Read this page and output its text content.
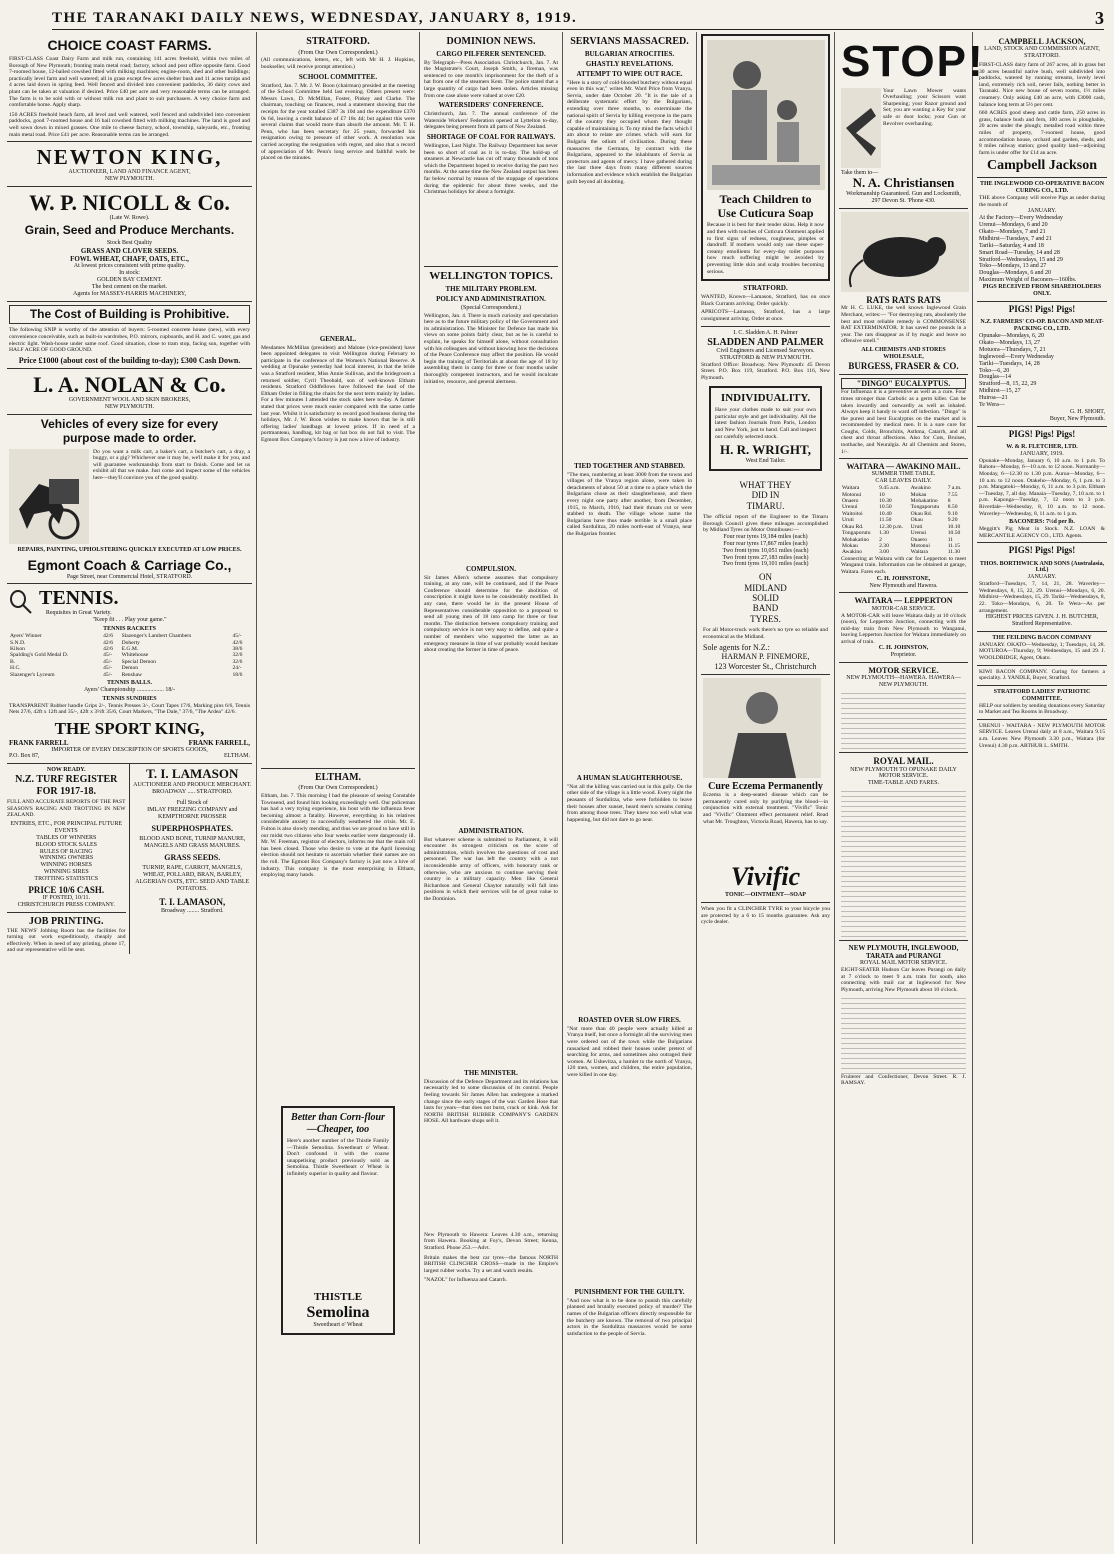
THE TARANAKI DAILY NEWS, WEDNESDAY, JANUARY 8, 1919.	3
CHOICE COAST FARMS.
FIRST-CLASS Coast Dairy Farm and milk run, containing 141 acres freehold, within two miles of Borough of New Plymouth; fronting main metal road; factory, school and post office opposite farm. Good 7-roomed house, 12-bailed cowshed fitted with milking machines; engine-room, shed and other buildings; practically level farm and well watered; all in grass except few acres shelter bush and 11 acres turnips and 4 acres laid down in spring feed. Well fenced and divided into convenient paddocks, 36 dairy cows and plant can be taken at valuation if desired. Price £40 per acre and very reasonable terms can be arranged. The farm is to be sold with or without milk run and plant to suit purchasers. A very choice farm and comfortable home. Apply sharp.
150 ACRES freehold beach farm, all level and well watered, well fenced and subdivided into convenient paddocks, good 7-roomed house and 16 bail cowshed fitted with milking machines. The land is good and well sown down in mixed grasses. One mile to cheese factory, school, township, saleyards, etc., fronting main metal road. Price £41 per acre. Reasonable terms can be arranged.
NEWTON KING,
AUCTIONEER, LAND AND FINANCE AGENT,
NEW PLYMOUTH.
W. P. NICOLL & Co.
(Late W. Rowe).
Grain, Seed and Produce Merchants.
Stock Best Quality
GRASS AND CLOVER SEEDS.
FOWL WHEAT, CHAFF, OATS, ETC.,
At lowest prices consistent with prime quality.
In stock:
GOLDEN BAY CEMENT.
The best cement on the market.
Agents for MASSEY-HARRIS MACHINERY,
The Cost of Building is Prohibitive.
The following SNIP is worthy of the attention of buyers: 5-roomed concrete house (new), with every convenience conceivable, such as built-in wardrobes, P.O. mirrors, cupboards, and H. and C. water, gas and electric light. Wash-house under same roof. Good situation, close to tram stop, facing sun, together with HALF ACRE OF GOOD GROUND.
Price £1000 (about cost of the building to-day); £300 Cash Down.
L. A. NOLAN & Co.
GOVERNMENT WOOL AND SKIN BROKERS,
NEW PLYMOUTH.
Vehicles of every size for every
purpose made to order.
Do you want a milk cart, a baker's cart, a butcher's cart, a dray, a buggy, or a gig? Whichever one it may be, we'll make it for you, and will guarantee workmanship from start to finish. Come and let us exhibit all that we make. Just come and inspect some of the vehicles here—they'll convince you of the good quality.
REPAIRS, PAINTING, UPHOLSTERING QUICKLY EXECUTED AT LOW PRICES.
Egmont Coach & Carriage Co.,
Page Street, near Commercial Hotel, STRATFORD.
TENNIS.
Requisites in Great Variety.
"Keep fit . . . Play your game."
TENNIS RACKETS
Ayers' Winner	42/6	Slazenger's Lambert Chambers	45/-
S.N.D.	42/6	Doherty	42/6
Kilson	42/6	E.G.M.	38/6
Spalding's Gold Medal D.	45/-	Whitehouse	32/6
B.	45/-	Special Demon	32/6
H.C.	45/-	Demon	24/-
Slazenger's Lyceum	45/-	Renshaw	18/6
TENNIS BALLS.
Ayers' Championship .................. 18/-
TENNIS SUNDRIES
TRANSPARENT Rubber handle Grips 2/-, Tennis Presses 3/-, Court Tapes 17/6, Marking pins 6/6, Tennis Nets 27/6, 42ft x 12ft and 35/-, 42ft x 3½ft 35/6, Court Markers, "The Dale," 37/6, "The Ardea" 42/6.
THE SPORT KING,
FRANK FARRELL	FRANK FARRELL,
IMPORTER OF EVERY DESCRIPTION OF SPORTS GOODS,
P.O. Box 87,	ELTHAM.
NOW READY.
N.Z. TURF REGISTER FOR 1917-18.
FULL AND ACCURATE REPORTS OF THE PAST SEASON'S RACING AND TROTTING IN NEW ZEALAND.
ENTRIES, ETC., FOR PRINCIPAL FUTURE EVENTS
TABLES OF WINNERS
BLOOD STOCK SALES
RULES OF RACING
WINNING OWNERS
WINNING HORSES
WINNING SIRES
TROTTING STATISTICS
PRICE 10/6 CASH.
IF POSTED, 10/11.
CHRISTCHURCH PRESS COMPANY.
JOB PRINTING.
THE NEWS' Jobbing Room has the facilities for turning out work expeditiously, cheaply and effectively. When in need of any printing, phone 17, and our representative will be sent.
T. I. LAMASON
AUCTIONEER AND PRODUCE MERCHANT.
BROADWAY ..... STRATFORD.
Full Stock of
IMLAY FREEZING COMPANY and KEMPTHORNE PROSSER
SUPERPHOSPHATES.
BLOOD AND BONE, TURNIP MANURE, MANGELS AND GRASS MANURES.
GRASS SEEDS.
TURNIP, RAPE, CARROT, MANGELS, WHEAT, POLLARD, BRAN, BARLEY, ALGERIAN OATS, ETC. SEED AND TABLE POTATOES.
T. I. LAMASON,
Broadway ........ Stratford.
STRATFORD.
(From Our Own Correspondent.)
(All communications, letters, etc., left with Mr H. J. Hopkins, bookseller, will receive prompt attention.)
SCHOOL COMMITTEE.
Stratford, Jan. 7. Mr. J. W. Boon (chairman) presided at the meeting of the School Committee held last evening. Others present were: Messrs Lawn, D. McMillan, Foster, Pinkey and Clarke. The chairman, touching on finances, read a statement showing that the receipts for the year totalled £387 3s 10d and the expenditure £370 0s 6d, leaving a credit balance of £7 18s 4d; but against this were several claims that would more than absorb the amount. Mr. T. H. Penn, who has been secretary for 25 years, forwarded his resignation owing to pressure of other work. A resolution was carried accepting the resignation with regret, and also that a record of appreciation of Mr. Penn's long service and faithful work be placed on the minutes.
GENERAL.
Mesdames McMillan (president) and Malone (vice-president) have been appointed delegates to visit Wellington during February to participate in the conference of the Women's National Reserve. A wedding at Opunake yesterday had local interest, in that the bride was a Stratford resident, Miss Annie Sullivan, and the bridegroom a returned soldier, Cyril Theobald, son of well-known Eltham residents. Stratford Oddfellows have followed the lead of the Eltham Order in filling the chairs for the next term mainly by ladies. For a few minutes I attended the stock sales here to-day. A farmer stated that prices were much easier compared with the same cattle last year. Whilst it is satisfactory to record good business during the holidays, Mr. J. W. Boon wishes to make known that he is still offering ladies' handbags at lowest prices. If in need of a portmanteau, handbag, kit bag or hat box do not fail to visit. The Egmont Box Company's factory is just now a hive of industry.
ELTHAM.
(From Our Own Correspondent.)
Eltham, Jan. 7. This morning I had the pleasure of seeing Constable Townsend, and found him looking exceedingly well. Our policeman has had a very trying experience, his bout with the influenza fever becoming almost a fatality. However, everything in his relatives considerable anxiety to successfully weathered the crisis. Mr. E. Fulton is also slowly mending, and thus we are proud to have still in our midst two citizens who four weeks earlier were dangerously ill. Mr. W. Freeman, registrar of electors, informs me that the main roll has been closed. Those who desire to vote at the April licensing election should not hesitate to ascertain whether their names are on the roll. The Egmont Box Company's factory is just now a hive of industry. This company is the most enterprising in Eltham, employing many hands.
Better than Corn-flour—Cheaper, too
Here's another number of the Thistle Family—Thistle Semolina. Sweetheart o' Wheat. Don't confound it with the coarse unappetising product previously sold as Semolina. Thistle Sweetheart o' Wheat is infinitely superior in quality and flavour.
THISTLE
Semolina
Sweetheart o' Wheat
DOMINION NEWS.
CARGO PILFERER SENTENCED.
By Telegraph—Press Association. Christchurch, Jan. 7. At the Magistrate's Court, Joseph Smith, a fireman, was sentenced to one month's imprisonment for the theft of a hat from one of the steamers Kent. The police stated that a large quantity of cargo had been stolen. Articles missing from one case alone were valued at over £20.
WATERSIDERS' CONFERENCE.
Christchurch, Jan. 7. The annual conference of the Waterside Workers' Federation opened at Lyttelton to-day, delegates being present from all parts of New Zealand.
SHORTAGE OF COAL FOR RAILWAYS.
Wellington, Last Night. The Railway Department has never been so short of coal as it is to-day. The hold-up of steamers at Newcastle has cut off many thousands of tons which the Department hoped to receive during the past two months. At the same time the New Zealand output has been far below normal by reason of the stoppage of operations during the epidemic for about three weeks, and the Christmas holidays for about a fortnight.
WELLINGTON TOPICS.
THE MILITARY PROBLEM.
POLICY AND ADMINISTRATION.
(Special Correspondent.)
Wellington, Jan. 4. There is much curiosity and speculation here as to the future military policy of the Government and its administration. The Minister for Defence has made his views on some points fairly clear, but as he is careful to explain, he speaks for himself alone, without consultation with his colleagues and without knowing how the decisions of the Peace Conference may affect the position. He would begin the training of Territorials at about the age of 18 by assembling them in camp for three or four months under thoroughly competent instructors, and he would inculcate initiative, resource, and general alertness.
COMPULSION.
Sir James Allen's scheme assumes that compulsory training, at any rate, will be continued, and if the Peace Conference should determine for the abolition of conscription it might have to be considerably modified. In any case, there would be in the present House of Representatives considerable opposition to a proposal to send all young men of 18 into camp for three or four months. The distinction between compulsory training and compulsory service is not very easy to define, and quite a number of members who supported the latter as an emergency measure in time of war probably would hesitate about creating the former in time of peace.
ADMINISTRATION.
But whatever scheme is submitted to Parliament, it will encounter its strongest criticism on the score of administration, which involves the questions of cost and personnel. The war has left the country with a not inconsiderable army of officers, with honorary rank or otherwise, who are anxious to continue serving their country in a military capacity. Men like General Richardson and General Chaytor naturally will fall into positions in which their services will be of great value to the Dominion.
THE MINISTER.
Discussion of the Defence Department and its relations has necessarily led to some discussion of its control. People feeling towards Sir James Allen has undergone a marked change since the early stages of the war. Garden Hose that lasts for years—that does not burst, crack or kink. Ask for NORTH BRITISH RUBBER COMPANY'S GARDEN HOSE. All hardware shops sell it.
New Plymouth to Hawera: Leaves 4.30 a.m., returning from Hawera. Booking at Foy's, Devon Street; Kenna, Stratford. Phone 253.—Advt.
Britain makes the best car tyres—the famous NORTH BRITISH CLINCHER CROSS—made in the Empire's largest rubber works. Try a set and watch results.
"NAZOL" for Influenza and Catarrh.
SERVIANS MASSACRED.
BULGARIAN ATROCITIES.
GHASTLY REVELATIONS.
ATTEMPT TO WIPE OUT RACE.
"Here is a story of cold-blooded butchery without equal even in this war," writes Mr. Ward Price from Vranya, Servia, under date October 20. "It is the tale of a deliberate systematic effort by the Bulgarians, extending over three months, to exterminate the national spirit of Servia by killing everyone in the parts of the country they occupied whom they thought capable of maintaining it. To my mind the facts which I am about to relate are crimes which will earn for Bulgaria the odium of civilisation. During these massacres the Germans, by contract with the Bulgarians, appeared to the inhabitants of Servia as protectors and agents of mercy. I have gathered during the last three days from many different sources information and evidence which establish the Bulgarian guilt beyond all doubting.
TIED TOGETHER AND STABBED.
"The men, numbering at least 3000 from the towns and villages of the Vranya region alone, were taken in detachments of about 50 at a time to a place which the Bulgarians chose as their slaughterhouse, and there every night one party after another, from December, 1915, to March, 1916, had their throats cut or were stabbed to death. The village whose name the Bulgarians have thus made terrible is a small place called Surdulitza, 20 miles north-east of Vranya, near the Bulgarian frontier.
A HUMAN SLAUGHTERHOUSE.
"Not all the killing was carried out in this gully. On the other side of the village is a little wood. Every night the peasants of Surdulitza, who were forbidden to leave their houses after sunset, heard men's screams coming from among those trees. They knew too well what was happening, but did not dare to go near.
ROASTED OVER SLOW FIRES.
"Not more than 40 people were actually killed at Vranya itself, but once a fortnight all the surviving men were ordered out of the town while the Bulgarians ransacked and robbed their houses under pretext of searching for arms, and sometimes also outraged their women. At Ushevitza, a hamlet to the north of Vranya, 120 men, women, and children, the entire population, were killed in one day.
PUNISHMENT FOR THE GUILTY.
"And now what is to be done to punish this carefully planned and brutally executed policy of murder? The names of the Bulgarian officers directly responsible for the butchery are known. The removal of two principal actors in the Surdulitza massacres would be some satisfaction to the people of Servia.
Teach Children to
Use Cuticura Soap
Because it is best for their tender skins. Help it now and then with touches of Cuticura Ointment applied to first signs of redness, roughness, pimples or dandruff. If mothers would only use these super-creamy emollients for every-day toilet purposes how much suffering might be avoided by preventing little skin and scalp troubles becoming serious.
STRATFORD.
WANTED, Known—Lamason, Stratford, has on once Black Currants arriving. Order quickly.
APRICOTS—Lamason, Stratford, has a large consignment arriving. Order at once.
I. C. Sladden A. H. Palmer
SLADDEN AND PALMER
Civil Engineers and Licensed Surveyors.
STRATFORD & NEW PLYMOUTH.
Stratford Office: Broadway. New Plymouth: 45 Devon Street. P.O. Box 119, Stratford. P.O. Box 116, New Plymouth.
INDIVIDUALITY.
Have your clothes made to suit your own particular style and get individuality. All the latest fashion Journals from Paris, London and New York, just to hand. Call and inspect our carefully selected stock.
H. R. WRIGHT,
West End Tailor.
WHAT THEY
DID IN
TIMARU.
The official report of the Engineer to the Timaru Borough Council gives these mileages accomplished by Midland Tyres on Motor Omnibuses:—
Four rear tyres 19,184 miles (each)
Four rear tyres 17,867 miles (each)
Two front tyres 10,051 miles (each)
Two front tyres 27,183 miles (each)
Two front tyres 19,101 miles (each)
ON
MIDLAND
SOLID
BAND
TYRES.
For all Motor-truck work there's no tyre so reliable and economical as the Midland.
Sole agents for N.Z.:
HARMAN P. FINEMORE,
123 Worcester St., Christchurch
Cure Eczema Permanently
Eczema is a deep-seated disease which can be permanently cured only by purifying the blood—in conjunction with external treatment. "Vivific" Tonic and "Vivific" Ointment effect permanent relief. Read what Mr. Troughton, Victoria Road, Hawera, has to say.
Vivific
TONIC—OINTMENT—SOAP
When you fit a CLINCHER TYRE to your bicycle you are protected by a 6 to 15 months guarantee. Ask any cycle dealer.
STOP!
Your Lawn Mower wants Overhauling; your Scissors want Sharpening; your Razor ground and Set; you are wanting a Key for your safe or door locks; your Gun or Revolver overhauling.
Take them to—
N. A. Christiansen
Workmanship Guaranteed. Gun and Locksmith,
297 Devon St. 'Phone 430.
RATS RATS RATS
Mr H. C. LUKE, the well known Inglewood Grain Merchant, writes:— "For destroying rats, absolutely the best and most reliable remedy is COMMONSENSE RAT EXTERMINATOR. It has saved me pounds in a year. The rats disappear as if by magic and leave no offensive smell."
ALL CHEMISTS AND STORES WHOLESALE,
BURGESS, FRASER & CO.
"DINGO" EUCALYPTUS.
For Influenza it is a preventive as well as a cure. Four times stronger than Carbolic as a germ killer. Can be taken inwardly and outwardly as well as inhaled. Always keep it handy to ward off infection. "Dingo" is the purest and best Eucalyptus on the market and is recommended by medical men. It is a sure cure for Coughs, Colds, Bronchitis, Asthma, Catarrh, and all chest and throat affections. Also for Cuts, Bruises, toothache, and Neuralgia. At all Chemists and Stores, 1/-.
WAITARA — AWAKINO MAIL.
SUMMER TIME TABLE.
CAR LEAVES DAILY.
Waitara	9.45 a.m.	Awakino	7 a.m.
Motonui	10	Mokau	7.55
Onaero	10.30	Mohakatino	8
Urenui	10.50	Tongaporutu	8.50
Waitoitoi	10.40	Okau Rd.	9.10
Uruti	11.50	Okau	9.20
Okau Rd.	12.30 p.m.	Uruti	10.10
Tongaporutu	1.30	Urenui	10.50
Mohakatino	2	Onaero	11
Mokau	2.30	Motonui	11.15
Awakino	3.00	Waitara	11.30
Connecting at Waitara with car for Lepperton to meet Wanganui train. Information can be obtained at garage, Waitara. Fares each.
C. H. JOHNSTONE,
New Plymouth and Hawera.
WAITARA — LEPPERTON
MOTOR-CAR SERVICE.
A MOTOR-CAR will leave Waitara daily at 10 o'clock (noon), for Lepperton Junction, connecting with the mid-day train from New Plymouth to Wanganui, leaving Lepperton Junction for Waitara immediately on arrival of train.
C. H. JOHNSTON,
Proprietor.
MOTOR SERVICE.
NEW PLYMOUTH—HAWERA. HAWERA—NEW PLYMOUTH.
ROYAL MAIL.
NEW PLYMOUTH TO OPUNAKE DAILY MOTOR SERVICE.
TIME-TABLE AND FARES.
NEW PLYMOUTH, INGLEWOOD, TARATA and PURANGI
ROYAL MAIL MOTOR SERVICE.
EIGHT-SEATER Hudson Car leaves Purangi on daily at 7 o'clock to meet 9 a.m. train for south, also connecting with mail car at Inglewood for New Plymouth, arriving New Plymouth about 10 o'clock.
Fruiterer and Confectioner, Devon Street. R. J. RAMSAY.
CAMPBELL JACKSON,
LAND, STOCK AND COMMISSION AGENT, STRATFORD.
FIRST-CLASS dairy farm of 267 acres, all in grass but 30 acres beautiful native bush, well subdivided into paddocks, watered by running streams, lovely level land, extremely rich soil, never fails, nothing better in Taranaki. Nice new house of seven rooms, 1½ miles creamery. Only asking £40 an acre, with £3000 cash, balance long term at 5½ per cent.
660 ACRES good sheep and cattle farm, 250 acres in grass, balance bush and fern, 100 acres is ploughable, 20 acres under the plough; metalled road within three miles of property, 7-roomed house, good accommodation house, orchard and garden, sheds, and 8 miles railway station; good quality land—adjoining farm is under offer for £14 an acre.
Campbell Jackson
THE INGLEWOOD CO-OPERATIVE BACON CURING CO., LTD.
THE above Company will receive Pigs as under during the month of
JANUARY.
At the Factory—Every Wednesday
Urenui—Mondays, 6 and 20
Okato—Mondays, 7 and 21
Midhirst—Tuesdays, 7 and 21
Tariki—Saturday, 4 and 18
Smart Road—Tuesday, 14 and 28
Stratford—Wednesdays, 15 and 29
Toko—Mondays, 13 and 27
Douglas—Mondays, 6 and 20
Maximum Weight of Baconers—160lbs.
PIGS RECEIVED FROM SHAREHOLDERS ONLY.
PIGS! Pigs! Pigs!
N.Z. FARMERS' CO-OP. BACON AND MEAT-PACKING CO., LTD.
Opunake—Mondays, 6, 20
Okato—Mondays, 13, 27
Motuora—Thursdays, 7, 21
Inglewood—Every Wednesday
Tariki—Tuesdays, 14, 28
Toko—6, 20
Douglas—14
Stratford—8, 15, 22, 29
Midhirst—15, 27
Huiroa—21
Te Wera—
G. H. SHORT,
Buyer, New Plymouth.
PIGS! Pigs! Pigs!
W. & R. FLETCHER, LTD.
JANUARY, 1919.
Opunake—Monday, January 6, 10 a.m. to 1 p.m. To Rahotu—Monday, 6—10 a.m. to 12 noon. Normanby—Monday, 6—12.30 to 1.30 p.m. Auroa—Monday, 6—10 a.m. to 12 noon. Otakeho—Monday, 6, 1 p.m. to 3 p.m. Mangatoki—Monday, 6, 11 a.m. to 3 p.m. Eltham—Tuesday, 7, all day. Manaia—Tuesday, 7, 10 a.m. to 1 p.m. Kaponga—Tuesday, 7, 12 noon to 3 p.m. Riverdale—Wednesday, 8, 10 a.m. to 12 noon. Waverley—Wednesday, 8, 11 a.m. to 1 p.m.
BACONERS: 7½d per lb.
Meggitt's Pig Meat in Stock. N.Z. LOAN & MERCANTILE AGENCY CO., LTD. Agents.
PIGS! Pigs! Pigs!
THOS. BORTHWICK AND SONS (Australasia, Ltd.)
JANUARY.
Stratford—Tuesdays, 7, 14, 21, 28. Waverley—Wednesdays, 8, 15, 22, 29. Urenui—Mondays, 6, 20. Midhirst—Wednesdays, 15, 29. Tariki—Wednesdays, 8, 22. Toko—Mondays, 6, 20. Te Wera—As per arrangement.
HIGHEST PRICES GIVEN. J. H. BUTCHER, Stratford Representative.
THE FEILDING BACON COMPANY
JANUARY. OKATO—Wednesday, 1; Tuesdays, 14, 28. MOTUROA—Thursday, 9; Wednesdays, 15 and 29. J. WOOLDRIDGE, Agent, Okato.
KIWI BACON COMPANY. Curing for farmers a speciality. J. YANDLE, Buyer, Stratford.
STRATFORD LADIES' PATRIOTIC COMMITTEE.
HELP our soldiers by sending donations every Saturday to Market and Tea Rooms in Broadway.
URENUI - WAITARA - NEW PLYMOUTH MOTOR SERVICE. Leaves Urenui daily at 8 a.m., Waitara 9.15 a.m. Leaves New Plymouth 3.30 p.m., Waitara (for Urenui) 4.30 p.m. ARTHUR L. SMITH.
